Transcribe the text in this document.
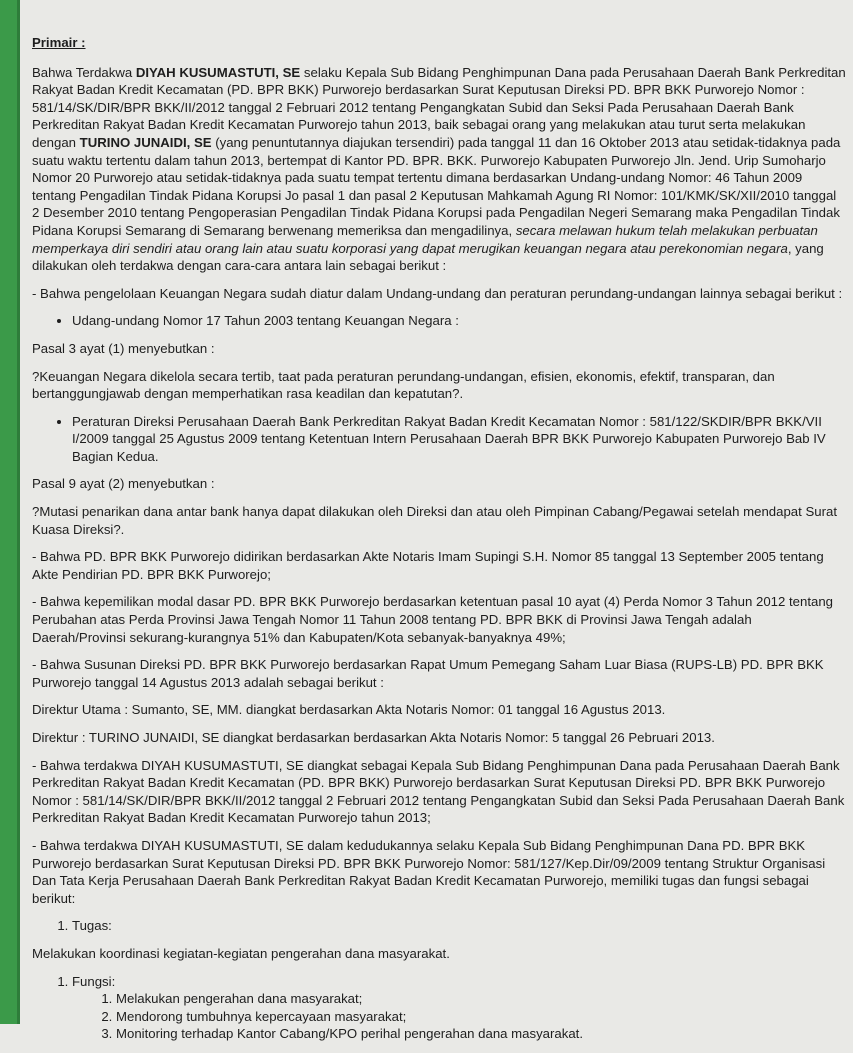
Primair :

Bahwa Terdakwa DIYAH KUSUMASTUTI, SE selaku Kepala Sub Bidang Penghimpunan Dana pada Perusahaan Daerah Bank Perkreditan Rakyat Badan Kredit Kecamatan (PD. BPR BKK) Purworejo berdasarkan Surat Keputusan Direksi PD. BPR BKK Purworejo Nomor : 581/14/SK/DIR/BPR BKK/II/2012 tanggal 2 Februari 2012 tentang Pengangkatan Subid dan Seksi Pada Perusahaan Daerah Bank Perkreditan Rakyat Badan Kredit Kecamatan Purworejo tahun 2013, baik sebagai orang yang melakukan atau turut serta melakukan dengan TURINO JUNAIDI, SE (yang penuntutannya diajukan tersendiri) pada tanggal 11 dan 16 Oktober 2013 atau setidak-tidaknya pada suatu waktu tertentu dalam tahun 2013, bertempat di Kantor PD. BPR. BKK. Purworejo Kabupaten Purworejo Jln. Jend. Urip Sumoharjo Nomor 20 Purworejo atau setidak-tidaknya pada suatu tempat tertentu dimana berdasarkan Undang-undang Nomor: 46 Tahun 2009 tentang Pengadilan Tindak Pidana Korupsi Jo pasal 1 dan pasal 2 Keputusan Mahkamah Agung RI Nomor: 101/KMK/SK/XII/2010 tanggal 2 Desember 2010 tentang Pengoperasian Pengadilan Tindak Pidana Korupsi pada Pengadilan Negeri Semarang maka Pengadilan Tindak Pidana Korupsi Semarang di Semarang berwenang memeriksa dan mengadilinya, secara melawan hukum telah melakukan perbuatan memperkaya diri sendiri atau orang lain atau suatu korporasi yang dapat merugikan keuangan negara atau perekonomian negara, yang dilakukan oleh terdakwa dengan cara-cara antara lain sebagai berikut :

- Bahwa pengelolaan Keuangan Negara sudah diatur dalam Undang-undang dan peraturan perundang-undangan lainnya sebagai berikut :

• Udang-undang Nomor 17 Tahun 2003 tentang Keuangan Negara :

Pasal 3 ayat (1) menyebutkan :

?Keuangan Negara dikelola secara tertib, taat pada peraturan perundang-undangan, efisien, ekonomis, efektif, transparan, dan bertanggungjawab dengan memperhatikan rasa keadilan dan kepatutan?.

• Peraturan Direksi Perusahaan Daerah Bank Perkreditan Rakyat Badan Kredit Kecamatan Nomor : 581/122/SKDIR/BPR BKK/VII I/2009 tanggal 25 Agustus 2009 tentang Ketentuan Intern Perusahaan Daerah BPR BKK Purworejo Kabupaten Purworejo Bab IV Bagian Kedua.

Pasal 9 ayat (2) menyebutkan :

?Mutasi penarikan dana antar bank hanya dapat dilakukan oleh Direksi dan atau oleh Pimpinan Cabang/Pegawai setelah mendapat Surat Kuasa Direksi?.

- Bahwa PD. BPR BKK Purworejo didirikan berdasarkan Akte Notaris Imam Supingi S.H. Nomor 85 tanggal 13 September 2005 tentang Akte Pendirian PD. BPR BKK Purworejo;

- Bahwa kepemilikan modal dasar PD. BPR BKK Purworejo berdasarkan ketentuan pasal 10 ayat (4) Perda Nomor 3 Tahun 2012 tentang Perubahan atas Perda Provinsi Jawa Tengah Nomor 11 Tahun 2008 tentang PD. BPR BKK di Provinsi Jawa Tengah adalah Daerah/Provinsi sekurang-kurangnya 51% dan Kabupaten/Kota sebanyak-banyaknya 49%;

- Bahwa Susunan Direksi PD. BPR BKK Purworejo berdasarkan Rapat Umum Pemegang Saham Luar Biasa (RUPS-LB) PD. BPR BKK Purworejo tanggal 14 Agustus 2013 adalah sebagai berikut :

Direktur Utama : Sumanto, SE, MM. diangkat berdasarkan Akta Notaris Nomor: 01 tanggal 16 Agustus 2013.

Direktur : TURINO JUNAIDI, SE diangkat berdasarkan berdasarkan Akta Notaris Nomor: 5 tanggal 26 Pebruari 2013.

- Bahwa terdakwa DIYAH KUSUMASTUTI, SE diangkat sebagai Kepala Sub Bidang Penghimpunan Dana pada Perusahaan Daerah Bank Perkreditan Rakyat Badan Kredit Kecamatan (PD. BPR BKK) Purworejo berdasarkan Surat Keputusan Direksi PD. BPR BKK Purworejo Nomor : 581/14/SK/DIR/BPR BKK/II/2012 tanggal 2 Februari 2012 tentang Pengangkatan Subid dan Seksi Pada Perusahaan Daerah Bank Perkreditan Rakyat Badan Kredit Kecamatan Purworejo tahun 2013;

- Bahwa terdakwa DIYAH KUSUMASTUTI, SE dalam kedudukannya selaku Kepala Sub Bidang Penghimpunan Dana PD. BPR BKK Purworejo berdasarkan Surat Keputusan Direksi PD. BPR BKK Purworejo Nomor: 581/127/Kep.Dir/09/2009 tentang Struktur Organisasi Dan Tata Kerja Perusahaan Daerah Bank Perkreditan Rakyat Badan Kredit Kecamatan Purworejo, memiliki tugas dan fungsi sebagai berikut:

1. Tugas:

Melakukan koordinasi kegiatan-kegiatan pengerahan dana masyarakat.

1. Fungsi:
1. Melakukan pengerahan dana masyarakat;
2. Mendorong tumbuhnya kepercayaan masyarakat;
3. Monitoring terhadap Kantor Cabang/KPO perihal pengerahan dana masyarakat.
